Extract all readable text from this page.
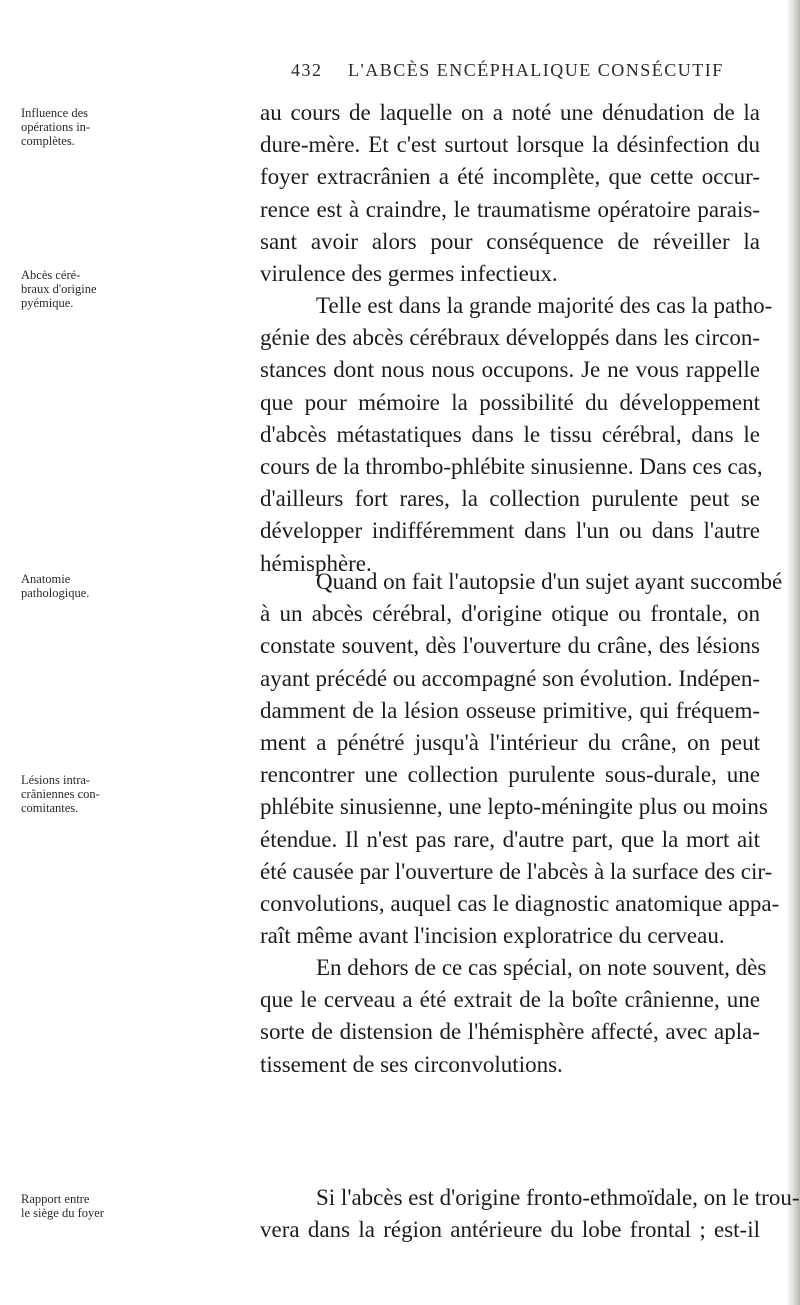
432 L'ABCÈS ENCÉPHALIQUE CONSÉCUTIF
Influence des
opérations in-
complètes.
Abcès céré-
braux d'origine
pyémique.
Anatomie
pathologique.
Lésions intra-
crâniennes con-
comitantes.
Rapport entre
le siège du foyer
au cours de laquelle on a noté une dénudation de la
dure-mère. Et c'est surtout lorsque la désinfection du
foyer extracrânien a été incomplète, que cette occur-
rence est à craindre, le traumatisme opératoire parais-
sant avoir alors pour conséquence de réveiller la
virulence des germes infectieux.
Telle est dans la grande majorité des cas la patho-
génie des abcès cérébraux développés dans les circon-
stances dont nous nous occupons. Je ne vous rappelle
que pour mémoire la possibilité du développement
d'abcès métastatiques dans le tissu cérébral, dans le
cours de la thrombo-phlébite sinusienne. Dans ces cas,
d'ailleurs fort rares, la collection purulente peut se
développer indifféremment dans l'un ou dans l'autre
hémisphère.
Quand on fait l'autopsie d'un sujet ayant succombé
à un abcès cérébral, d'origine otique ou frontale, on
constate souvent, dès l'ouverture du crâne, des lésions
ayant précédé ou accompagné son évolution. Indépen-
damment de la lésion osseuse primitive, qui fréquem-
ment a pénétré jusqu'à l'intérieur du crâne, on peut
rencontrer une collection purulente sous-durale, une
phlébite sinusienne, une lepto-méningite plus ou moins
étendue. Il n'est pas rare, d'autre part, que la mort ait
été causée par l'ouverture de l'abcès à la surface des cir-
convolutions, auquel cas le diagnostic anatomique appa-
raît même avant l'incision exploratrice du cerveau.
En dehors de ce cas spécial, on note souvent, dès
que le cerveau a été extrait de la boîte crânienne, une
sorte de distension de l'hémisphère affecté, avec apla-
tissement de ses circonvolutions.
Si l'abcès est d'origine fronto-ethmoïdale, on le trou-
vera dans la région antérieure du lobe frontal ; est-il
